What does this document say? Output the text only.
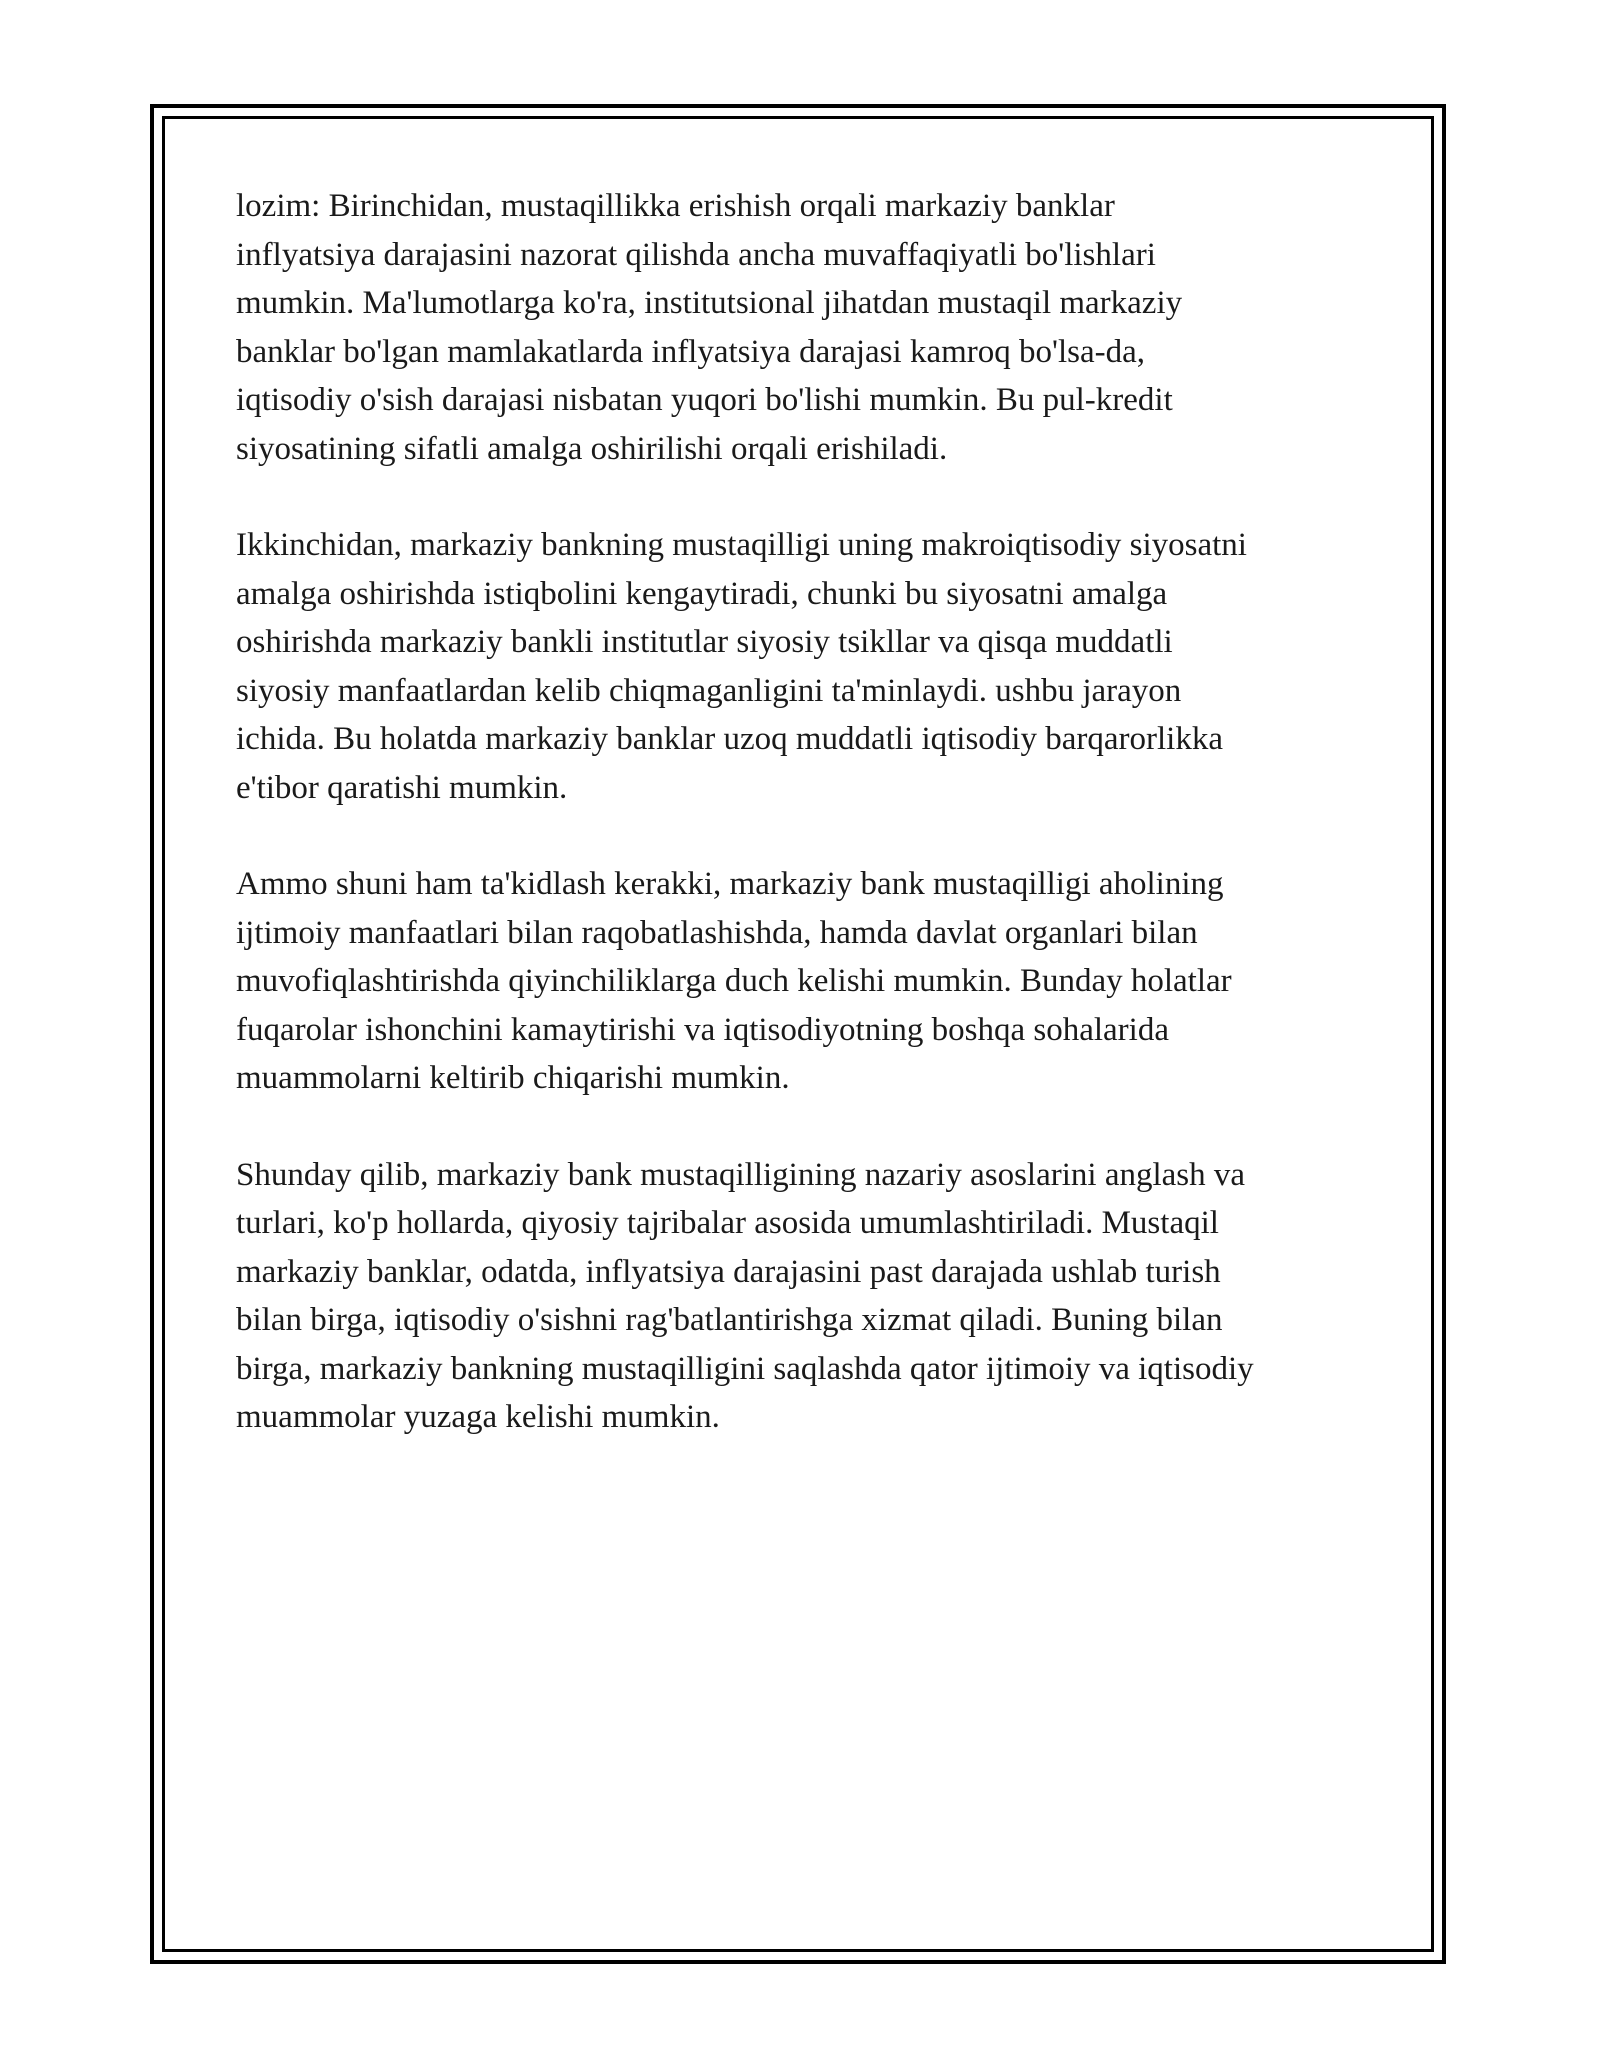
lozim: Birinchidan, mustaqillikka erishish orqali markaziy banklar
inflyatsiya darajasini nazorat qilishda ancha muvaffaqiyatli bo'lishlari
mumkin. Ma'lumotlarga ko'ra, institutsional jihatdan mustaqil markaziy
banklar bo'lgan mamlakatlarda inflyatsiya darajasi kamroq bo'lsa-da,
iqtisodiy o'sish darajasi nisbatan yuqori bo'lishi mumkin. Bu pul-kredit
siyosatining sifatli amalga oshirilishi orqali erishiladi.

Ikkinchidan, markaziy bankning mustaqilligi uning makroiqtisodiy siyosatni
amalga oshirishda istiqbolini kengaytiradi, chunki bu siyosatni amalga
oshirishda markaziy bankli institutlar siyosiy tsikllar va qisqa muddatli
siyosiy manfaatlardan kelib chiqmaganligini ta'minlaydi. ushbu jarayon
ichida. Bu holatda markaziy banklar uzoq muddatli iqtisodiy barqarorlikka
e'tibor qaratishi mumkin.

Ammo shuni ham ta'kidlash kerakki, markaziy bank mustaqilligi aholining
ijtimoiy manfaatlari bilan raqobatlashishda, hamda davlat organlari bilan
muvofiqlashtirishda qiyinchiliklarga duch kelishi mumkin. Bunday holatlar
fuqarolar ishonchini kamaytirishi va iqtisodiyotning boshqa sohalarida
muammolarni keltirib chiqarishi mumkin.

Shunday qilib, markaziy bank mustaqilligining nazariy asoslarini anglash va
turlari, ko'p hollarda, qiyosiy tajribalar asosida umumlashtiriladi. Mustaqil
markaziy banklar, odatda, inflyatsiya darajasini past darajada ushlab turish
bilan birga, iqtisodiy o'sishni rag'batlantirishga xizmat qiladi. Buning bilan
birga, markaziy bankning mustaqilligini saqlashda qator ijtimoiy va iqtisodiy
muammolar yuzaga kelishi mumkin.
